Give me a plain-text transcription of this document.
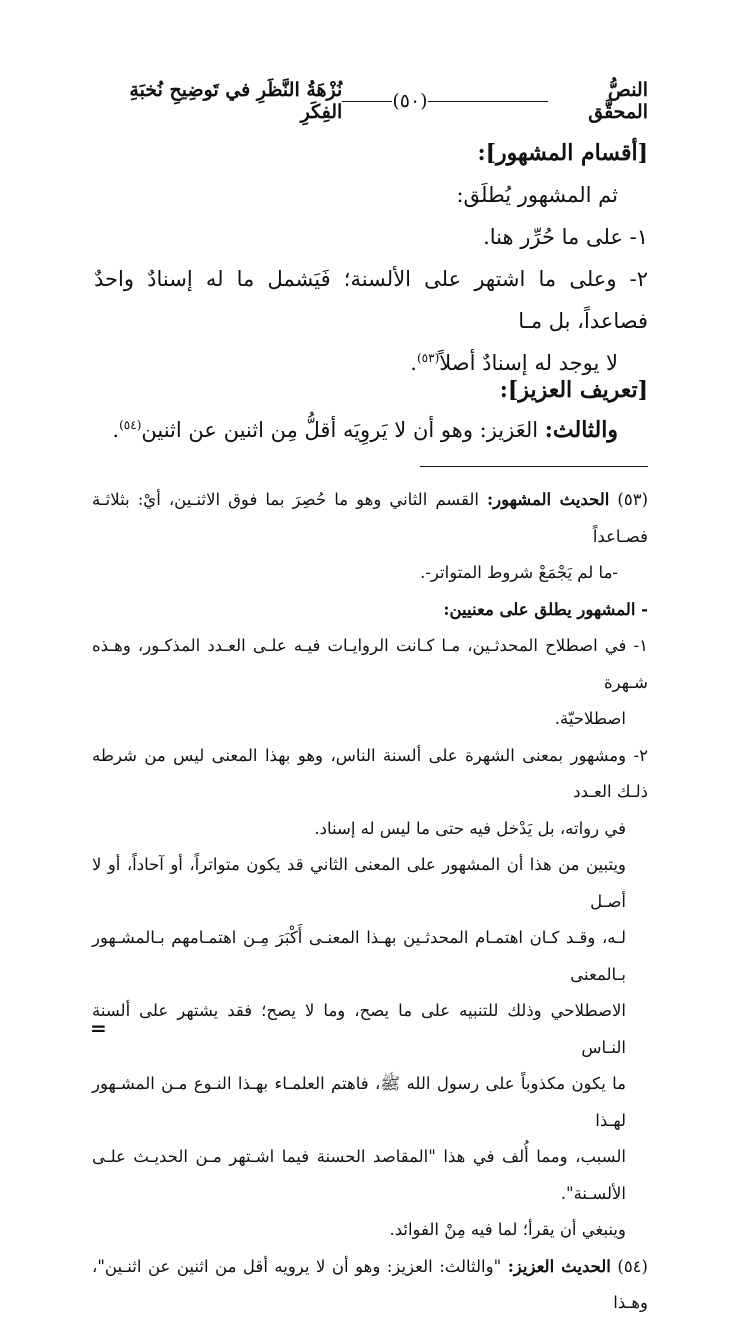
النصُّ المحقَّق
(٥٠)
نُزْهَةُ النَّظَرِ في تَوضِيحِ نُخبَةِ الفِكَرِ
[أقسام المشهور]:
ثم المشهور يُطلَق:
١- على ما حُرِّر هنا.
٢- وعلى ما اشتهر على الألسنة؛ فَيَشمل ما له إسنادٌ واحدٌ فصاعداً، بل مـا
لا يوجد له إسنادٌ أصلاً$^{(٥٣)}$.
[تعريف العزيز]:
والثالث: العَزيز: وهو أن لا يَروِيَه أقلُّ مِن اثنين عن اثنين$^{(٥٤)}$.

(٥٣) الحديث المشهور: القسم الثاني وهو ما حُصِرَ بما فوق الاثنـين، أيْ: بثلاثـة فصـاعداً

-ما لم يَجْمَعْ شروط المتواتر-.

- المشهور يطلق على معنيين:

١- في اصطلاح المحدثـين، مـا كـانت الروايـات فيـه علـى العـدد المذكـور، وهـذه شـهرة

اصطلاحيّة.

٢- ومشهور بمعنى الشهرة على ألسنة الناس، وهو بهذا المعنى ليس من شرطه ذلـك العـدد

في رواته، بل يَدْخل فيه حتى ما ليس له إسناد.

ويتبين من هذا أن المشهور على المعنى الثاني قد يكون متواتراً، أو آحاداً، أو لا أصـل

لـه، وقـد كـان اهتمـام المحدثـين بهـذا المعنـى أَكْبَرَ مِـن اهتمـامهم بـالمشـهور بـالمعنى

الاصطلاحي وذلك للتنبيه على ما يصح، وما لا يصح؛ فقد يشتهر على ألسنة النـاس

ما يكون مكذوباً على رسول الله ﷺ، فاهتم العلمـاء بهـذا النـوع مـن المشـهور لهـذا

السبب، ومما أُلف في هذا "المقاصد الحسنة فيما اشـتهر مـن الحديـث علـى الألسـنة".

وينبغي أن يقرأ؛ لما فيه مِنْ الفوائد.

(٥٤) الحديث العزيز: "والثالث: العزيز: وهو أن لا يرويه أقل من اثنين عن اثنـين"، وهـذا

=
